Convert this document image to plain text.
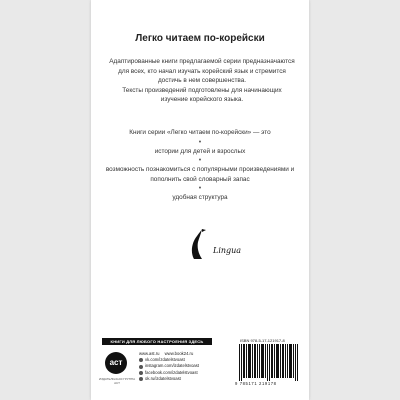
Легко читаем по-корейски

Адаптированные книги предлагаемой серии предназначаются для всех, кто начал изучать корейский язык и стремится достичь в нем совершенства.

Тексты произведений подготовлены для начинающих изучение корейского языка.

Книги серии «Легко читаем по-корейски» — это

•

истории для детей и взрослых

•

возможность познакомиться с популярными произведениями и пополнить свой словарный запас

•

удобная структура

Lingua
КНИГИ ДЛЯ ЛЮБОГО НАСТРОЕНИЯ ЗДЕСЬ
аст
ИЗДАТЕЛЬСКАЯ ГРУППА АСТ
www.ast.ru www.book24.ru
vk.com/izdatelstvoast
instagram.com/izdatelstvoast
facebook.com/izdatelstvoast
ok.ru/izdatelstvoast
ISBN 978-5-17-121917-8
9 785171 219178
